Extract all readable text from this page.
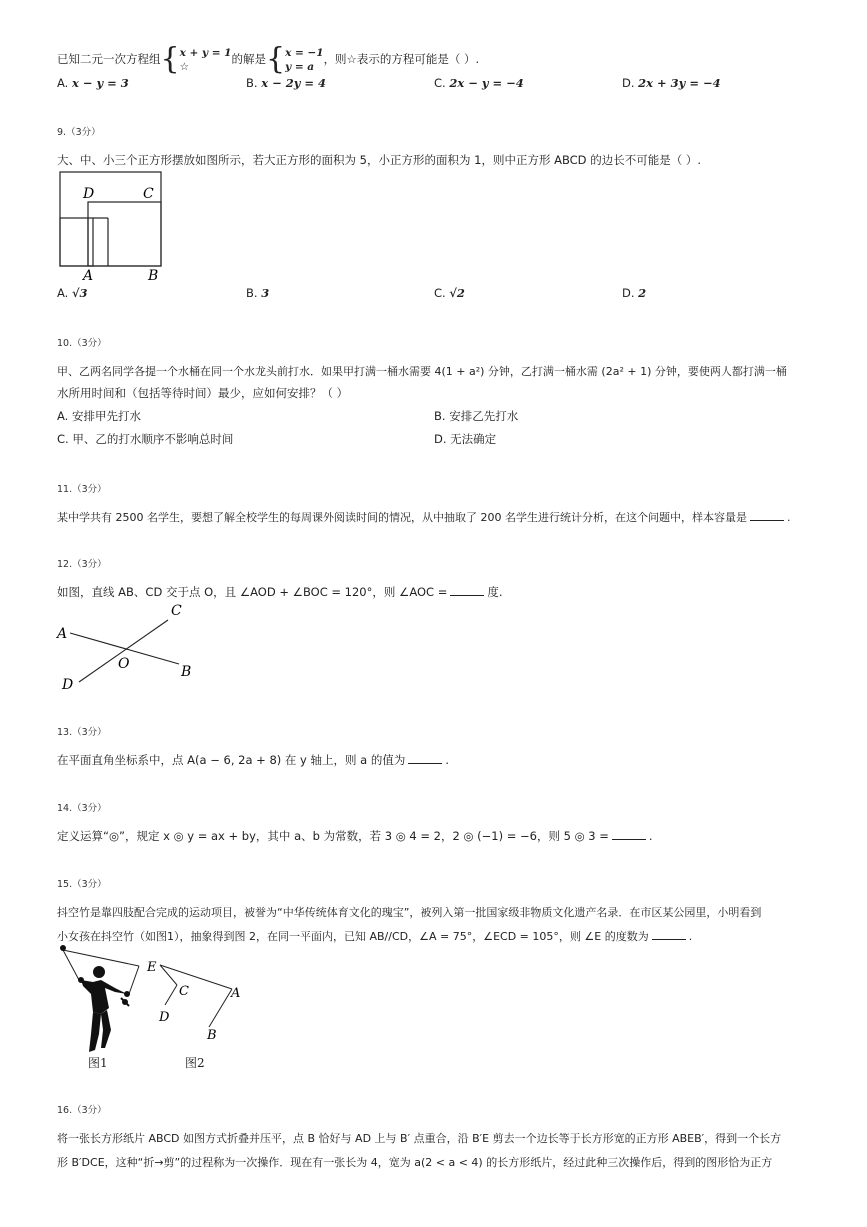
已知二元一次方程组{x + y = 1
☆的解是{x = −1
y = a，则☆表示的方程可能是（ ）.
A. x − y = 3	B. x − 2y = 4	C. 2x − y = −4	D. 2x + 3y = −4
9.（3分）
大、中、小三个正方形摆放如图所示，若大正方形的面积为 5，小正方形的面积为 1，则中正方形 ABCD 的边长不可能是（ ）.
D	C
A	B
A. √3	B. 3	C. √2	D. 2
10.（3分）
甲、乙两名同学各提一个水桶在同一个水龙头前打水．如果甲打满一桶水需要 4(1 + a²) 分钟，乙打满一桶水需 (2a² + 1) 分钟，要使两人都打满一桶
水所用时间和（包括等待时间）最少，应如何安排？（ ）
A. 安排甲先打水	B. 安排乙先打水
C. 甲、乙的打水顺序不影响总时间	D. 无法确定
11.（3分）
某中学共有 2500 名学生，要想了解全校学生的每周课外阅读时间的情况，从中抽取了 200 名学生进行统计分析，在这个问题中，样本容量是	.
12.（3分）
如图，直线 AB、CD 交于点 O，且 ∠AOD + ∠BOC = 120°，则 ∠AOC =	度.
A
C
O	B
D
13.（3分）
在平面直角坐标系中，点 A(a − 6, 2a + 8) 在 y 轴上，则 a 的值为	.
14.（3分）
定义运算“◎”，规定 x ◎ y = ax + by，其中 a、b 为常数，若 3 ◎ 4 = 2，2 ◎ (−1) = −6，则 5 ◎ 3 =	.
15.（3分）
抖空竹是靠四肢配合完成的运动项目，被誉为“中华传统体育文化的瑰宝”，被列入第一批国家级非物质文化遗产名录．在市区某公园里，小明看到
小女孩在抖空竹（如图1），抽象得到图 2，在同一平面内，已知 AB//CD，∠A = 75°，∠ECD = 105°，则 ∠E 的度数为	.
图1
E
C
D
A
B
图2
16.（3分）
将一张长方形纸片 ABCD 如图方式折叠并压平，点 B 恰好与 AD 上与 B′ 点重合，沿 B′E 剪去一个边长等于长方形宽的正方形 ABEB′，得到一个长方
形 B′DCE，这种“折→剪”的过程称为一次操作．现在有一张长为 4，宽为 a(2 < a < 4) 的长方形纸片，经过此种三次操作后，得到的图形恰为正方
